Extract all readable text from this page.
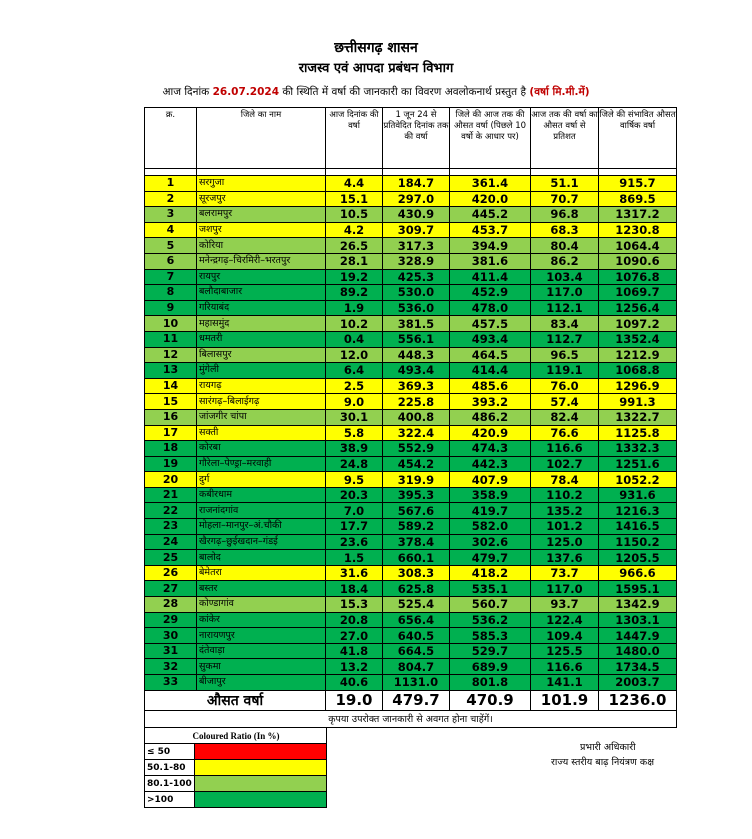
छत्तीसगढ़ शासन
राजस्व एवं आपदा प्रबंधन विभाग
आज दिनांक 26.07.2024 की स्थिति में वर्षा की जानकारी का विवरण अवलोकनार्थ प्रस्तुत है (वर्षा मि.मी.में)
क्र.	जिले का नाम	आज दिनांक की वर्षा	1 जून 24 से प्रतिवेदित दिनांक तक की वर्षा	जिले की आज तक की औसत वर्षा (पिछले 10 वर्षो के आधार पर)	आज तक की वर्षा का औसत वर्षा से प्रतिशत	जिले की संभावित औसत वार्षिक वर्षा

1	सरगुजा	4.4	184.7	361.4	51.1	915.7
2	सूरजपुर	15.1	297.0	420.0	70.7	869.5
3	बलरामपुर	10.5	430.9	445.2	96.8	1317.2
4	जशपुर	4.2	309.7	453.7	68.3	1230.8
5	कोरिया	26.5	317.3	394.9	80.4	1064.4
6	मनेन्द्रगढ़–चिरमिरी–भरतपुर	28.1	328.9	381.6	86.2	1090.6
7	रायपुर	19.2	425.3	411.4	103.4	1076.8
8	बलौदाबाजार	89.2	530.0	452.9	117.0	1069.7
9	गरियाबंद	1.9	536.0	478.0	112.1	1256.4
10	महासमुंद	10.2	381.5	457.5	83.4	1097.2
11	धमतरी	0.4	556.1	493.4	112.7	1352.4
12	बिलासपुर	12.0	448.3	464.5	96.5	1212.9
13	मुंगेली	6.4	493.4	414.4	119.1	1068.8
14	रायगढ़	2.5	369.3	485.6	76.0	1296.9
15	सारंगढ़–बिलाईगढ़	9.0	225.8	393.2	57.4	991.3
16	जांजगीर चांपा	30.1	400.8	486.2	82.4	1322.7
17	सक्ती	5.8	322.4	420.9	76.6	1125.8
18	कोरबा	38.9	552.9	474.3	116.6	1332.3
19	गौरेला–पेण्ड्रा–मरवाही	24.8	454.2	442.3	102.7	1251.6
20	दुर्ग	9.5	319.9	407.9	78.4	1052.2
21	कबीरधाम	20.3	395.3	358.9	110.2	931.6
22	राजनांदगांव	7.0	567.6	419.7	135.2	1216.3
23	मोहला–मानपुर–अं.चौकी	17.7	589.2	582.0	101.2	1416.5
24	खैरगढ़–छुईखदान–गंडई	23.6	378.4	302.6	125.0	1150.2
25	बालोद	1.5	660.1	479.7	137.6	1205.5
26	बेमेतरा	31.6	308.3	418.2	73.7	966.6
27	बस्तर	18.4	625.8	535.1	117.0	1595.1
28	कोण्डागांव	15.3	525.4	560.7	93.7	1342.9
29	कांकेर	20.8	656.4	536.2	122.4	1303.1
30	नारायणपुर	27.0	640.5	585.3	109.4	1447.9
31	दंतेवाड़ा	41.8	664.5	529.7	125.5	1480.0
32	सुकमा	13.2	804.7	689.9	116.6	1734.5
33	बीजापुर	40.6	1131.0	801.8	141.1	2003.7
औसत वर्षा		19.0	479.7	470.9	101.9	1236.0
कृपया उपरोक्त जानकारी से अवगत होना चाहेंगें।						
Coloured Ratio (In %)	
≤ 50	
50.1-80	
80.1-100	
>100	
प्रभारी अधिकारी
राज्य स्तरीय बाढ़ नियंत्रण कक्ष
